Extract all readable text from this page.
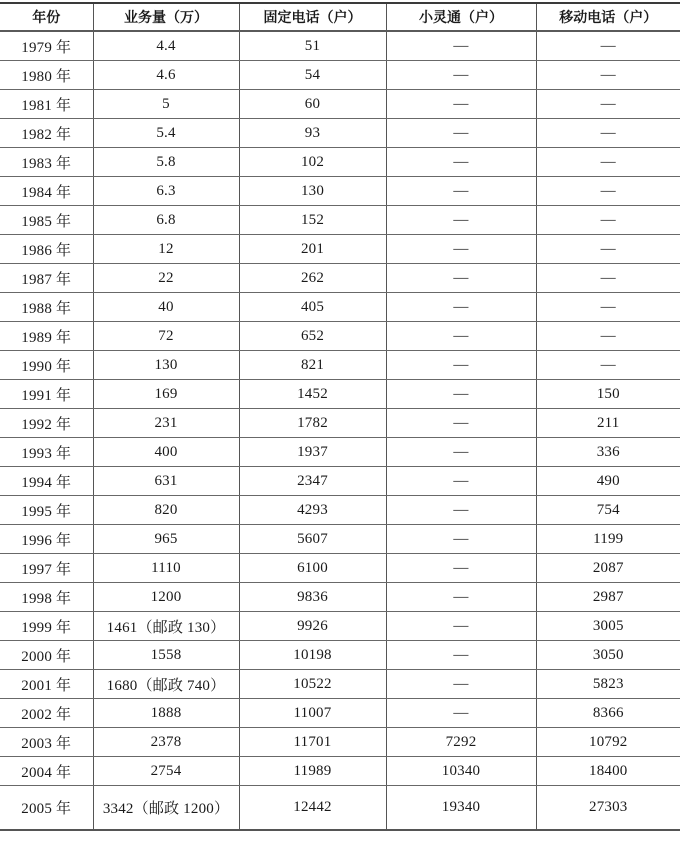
年份	业务量（万）	固定电话（户）	小灵通（户）	移动电话（户）
1979 年	4.4	51	—	—
1980 年	4.6	54	—	—
1981 年	5	60	—	—
1982 年	5.4	93	—	—
1983 年	5.8	102	—	—
1984 年	6.3	130	—	—
1985 年	6.8	152	—	—
1986 年	12	201	—	—
1987 年	22	262	—	—
1988 年	40	405	—	—
1989 年	72	652	—	—
1990 年	130	821	—	—
1991 年	169	1452	—	150
1992 年	231	1782	—	211
1993 年	400	1937	—	336
1994 年	631	2347	—	490
1995 年	820	4293	—	754
1996 年	965	5607	—	1199
1997 年	1110	6100	—	2087
1998 年	1200	9836	—	2987
1999 年	1461（邮政 130）	9926	—	3005
2000 年	1558	10198	—	3050
2001 年	1680（邮政 740）	10522	—	5823
2002 年	1888	11007	—	8366
2003 年	2378	11701	7292	10792
2004 年	2754	11989	10340	18400
2005 年	3342（邮政 1200）	12442	19340	27303
